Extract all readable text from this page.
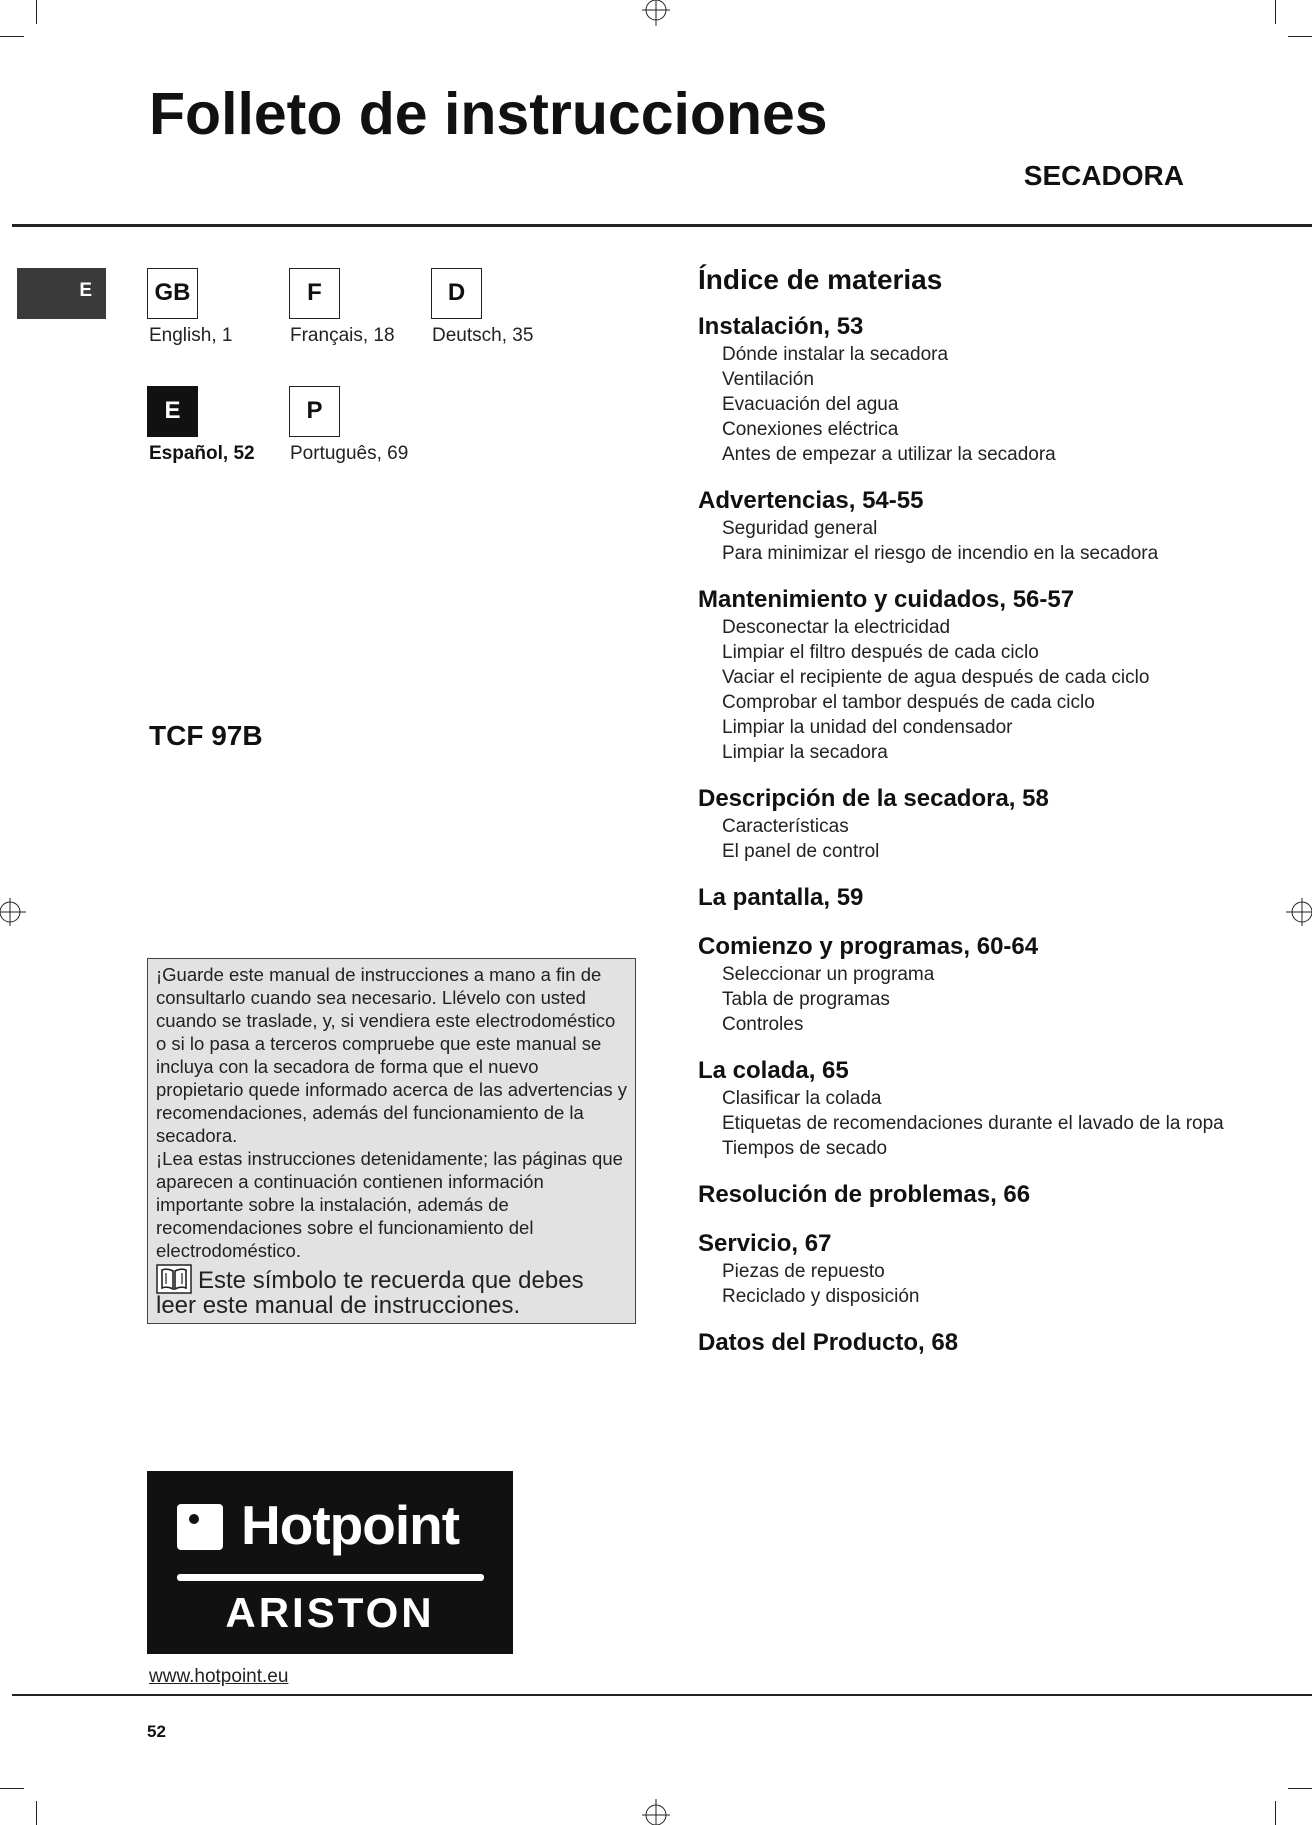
Folleto de instrucciones
SECADORA
E	GB
English, 1
F
Français, 18
D
Deutsch, 35
E
Español, 52
P
Português, 69
TCF 97B

¡Guarde este manual de instrucciones a mano a fin de consultarlo cuando sea necesario. Llévelo con usted cuando se traslade, y, si vendiera este electrodoméstico o si lo pasa a terceros compruebe que este manual se incluya con la secadora de forma que el nuevo propietario quede informado acerca de las advertencias y recomendaciones, además del funcionamiento de la secadora.

¡Lea estas instrucciones detenidamente; las páginas que aparecen a continuación contienen información importante sobre la instalación, además de recomendaciones sobre el funcionamiento del electrodoméstico.

Este símbolo te recuerda que debes leer este manual de instrucciones.

Hotpoint
ARISTON
www.hotpoint.eu
52
Índice de materias
Instalación, 53
Dónde instalar la secadora
Ventilación
Evacuación del agua
Conexiones eléctrica
Antes de empezar a utilizar la secadora
Advertencias, 54-55
Seguridad general
Para minimizar el riesgo de incendio en la secadora
Mantenimiento y cuidados, 56-57
Desconectar la electricidad
Limpiar el filtro después de cada ciclo
Vaciar el recipiente de agua después de cada ciclo
Comprobar el tambor después de cada ciclo
Limpiar la unidad del condensador
Limpiar la secadora
Descripción de la secadora, 58
Características
El panel de control
La pantalla, 59
Comienzo y programas, 60-64
Seleccionar un programa
Tabla de programas
Controles
La colada, 65
Clasificar la colada
Etiquetas de recomendaciones durante el lavado de la ropa
Tiempos de secado
Resolución de problemas, 66
Servicio, 67
Piezas de repuesto
Reciclado y disposición
Datos del Producto, 68
